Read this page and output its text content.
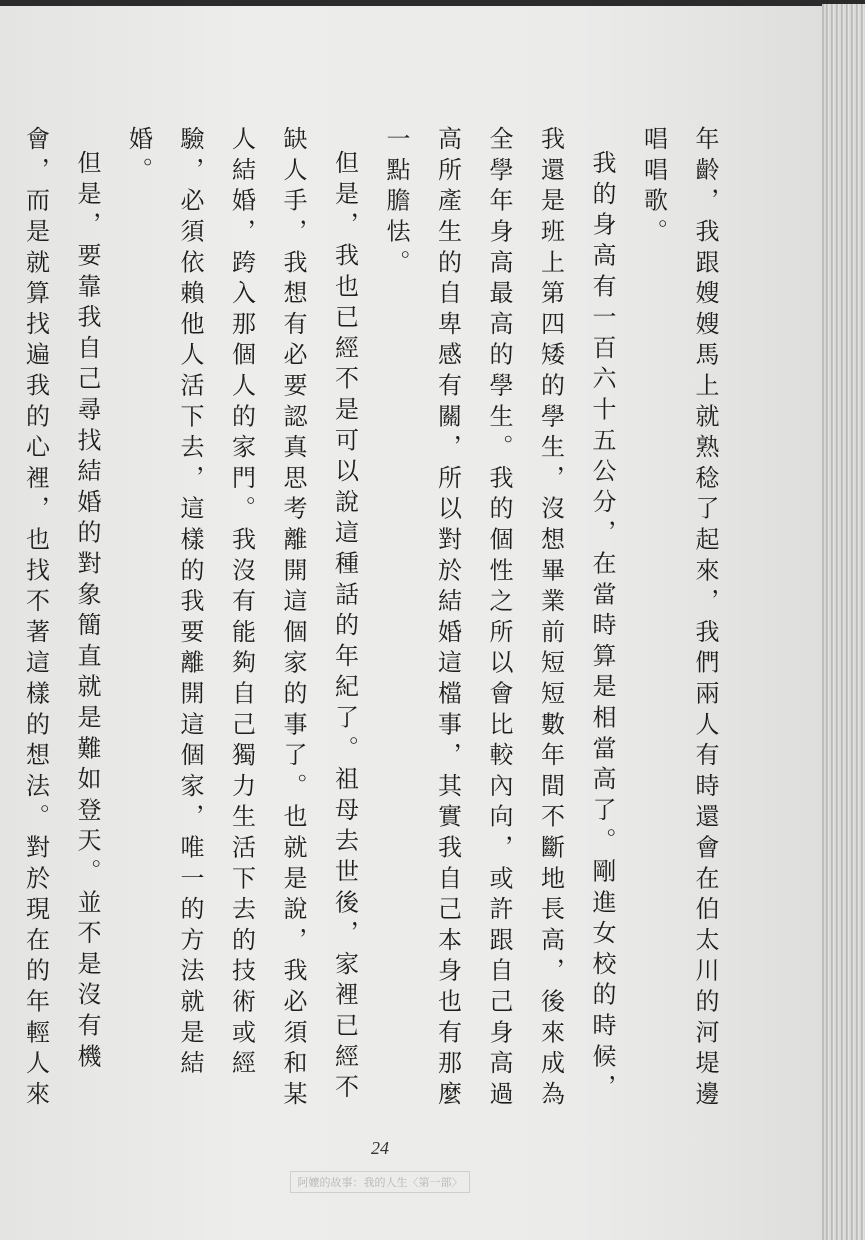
年齡，我跟嫂嫂馬上就熟稔了起來，我們兩人有時還會在伯太川的河堤邊唱唱歌。

我的身高有一百六十五公分，在當時算是相當高了。剛進女校的時候，我還是班上第四矮的學生，沒想畢業前短短數年間不斷地長高，後來成為全學年身高最高的學生。我的個性之所以會比較內向，或許跟自己身高過高所產生的自卑感有關，所以對於結婚這檔事，其實我自己本身也有那麼一點膽怯。

但是，我也已經不是可以說這種話的年紀了。祖母去世後，家裡已經不缺人手，我想有必要認真思考離開這個家的事了。也就是說，我必須和某人結婚，跨入那個人的家門。我沒有能夠自己獨力生活下去的技術或經驗，必須依賴他人活下去，這樣的我要離開這個家，唯一的方法就是結婚。

但是，要靠我自己尋找結婚的對象簡直就是難如登天。並不是沒有機會，而是就算找遍我的心裡，也找不著這樣的想法。對於現在的年輕人來

24
阿嬤的故事：我的人生〈第一部〉
